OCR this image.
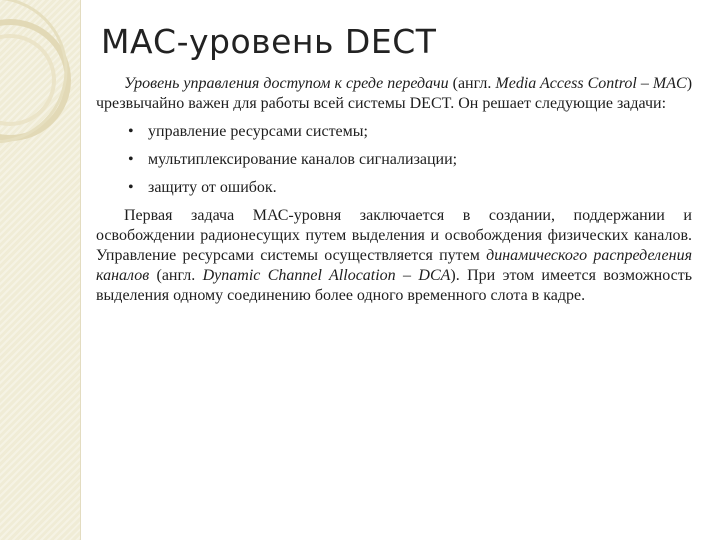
МАС-уровень DECT

Уровень управления доступом к среде передачи (англ. Media Access Control – MAC) чрезвычайно важен для работы всей системы DECT. Он решает следующие задачи:

• управление ресурсами системы;
• мультиплексирование каналов сигнализации;
• защиту от ошибок.

Первая задача МАС-уровня заключается в создании, поддержании и освобождении радионесущих путем выделения и освобождения физических каналов. Управление ресурсами системы осуществляется путем динамического распределения каналов (англ. Dynamic Channel Allocation – DCA). При этом имеется возможность выделения одному соединению более одного временного слота в кадре.
